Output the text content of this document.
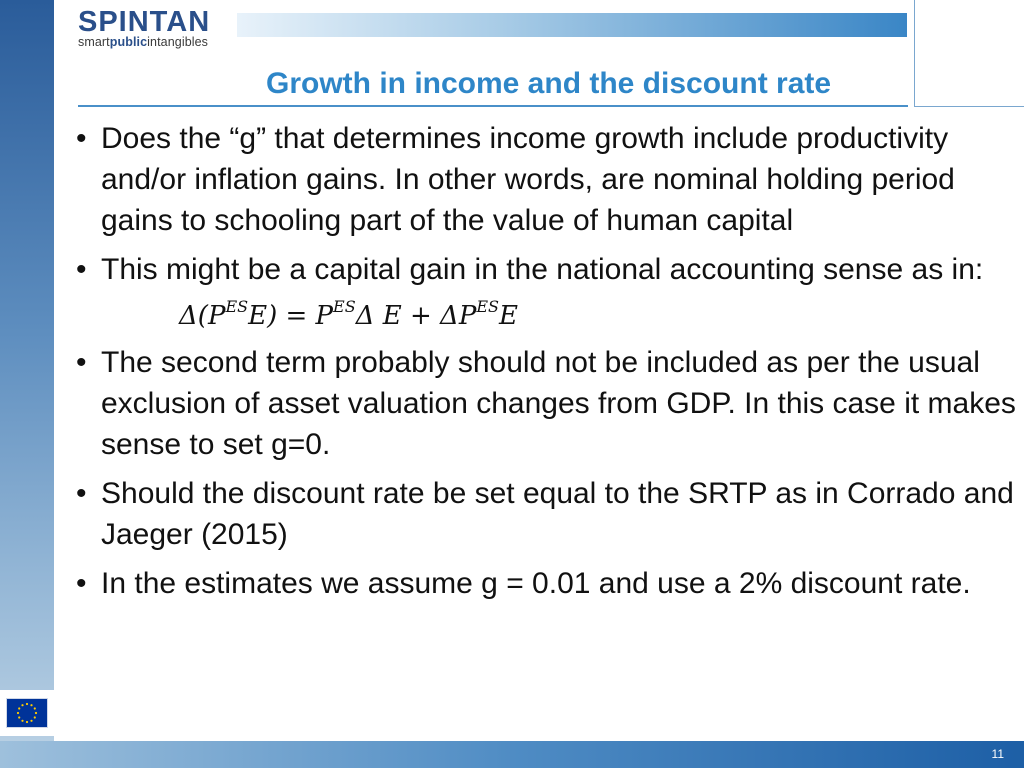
SPINTAN
smartpublicintangibles
Growth in income and the discount rate
• Does the “g” that determines income growth include productivity and/or inflation gains. In other words, are nominal holding period gains to schooling part of the value of human capital
• This might be a capital gain in the national accounting sense as in:
$\Delta(P^{ES}E) = P^{ES}\Delta$ $E + \Delta P^{ES}E$
• The second term probably should not be included as per the usual exclusion of asset valuation changes from GDP. In this case it makes sense to set g=0.
• Should the discount rate be set equal to the SRTP as in Corrado and Jaeger (2015)
• In the estimates we assume g = 0.01 and use a 2% discount rate.
11
